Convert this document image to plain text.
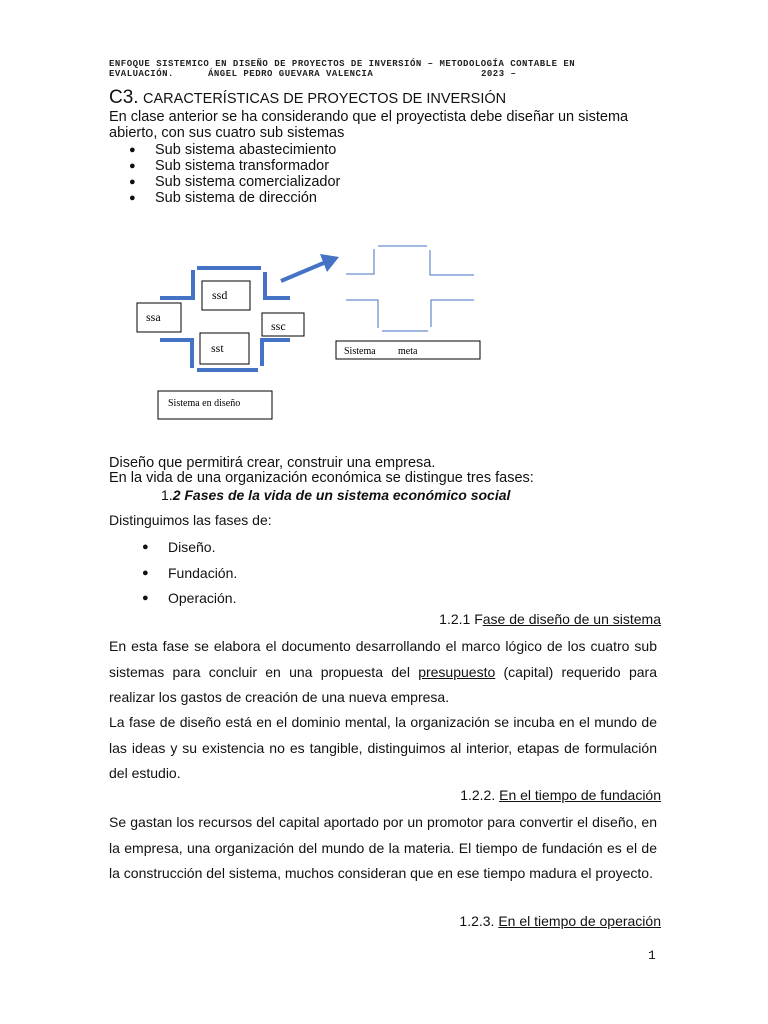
ENFOQUE SISTEMICO EN DISEÑO DE PROYECTOS DE INVERSIÓN – METODOLOGÍA CONTABLE EN
EVALUACIÓN.	ÁNGEL PEDRO GUEVARA VALENCIA	2023 –
C3. CARACTERÍSTICAS DE PROYECTOS DE INVERSIÓN
En clase anterior se ha considerando que el proyectista debe diseñar un sistema abierto, con sus cuatro sub sistemas
● Sub sistema abastecimiento
● Sub sistema transformador
● Sub sistema comercializador
● Sub sistema de dirección
ssa
ssd
ssc
sst	Sistema meta
Sistema en diseño
Diseño que permitirá crear, construir una empresa.
En la vida de una organización económica se distingue tres fases:
1.2 Fases de la vida de un sistema económico social
Distinguimos las fases de:
● Diseño.
● Fundación.
● Operación.
1.2.1 Fase de diseño de un sistema
En esta fase se elabora el documento desarrollando el marco lógico de los cuatro sub sistemas para concluir en una propuesta del presupuesto (capital) requerido para realizar los gastos de creación de una nueva empresa.
La fase de diseño está en el dominio mental, la organización se incuba en el mundo de las ideas y su existencia no es tangible, distinguimos al interior, etapas de formulación del estudio.
1.2.2. En el tiempo de fundación
Se gastan los recursos del capital aportado por un promotor para convertir el diseño, en la empresa, una organización del mundo de la materia. El tiempo de fundación es el de la construcción del sistema, muchos consideran que en ese tiempo madura el proyecto.
1.2.3. En el tiempo de operación
1
